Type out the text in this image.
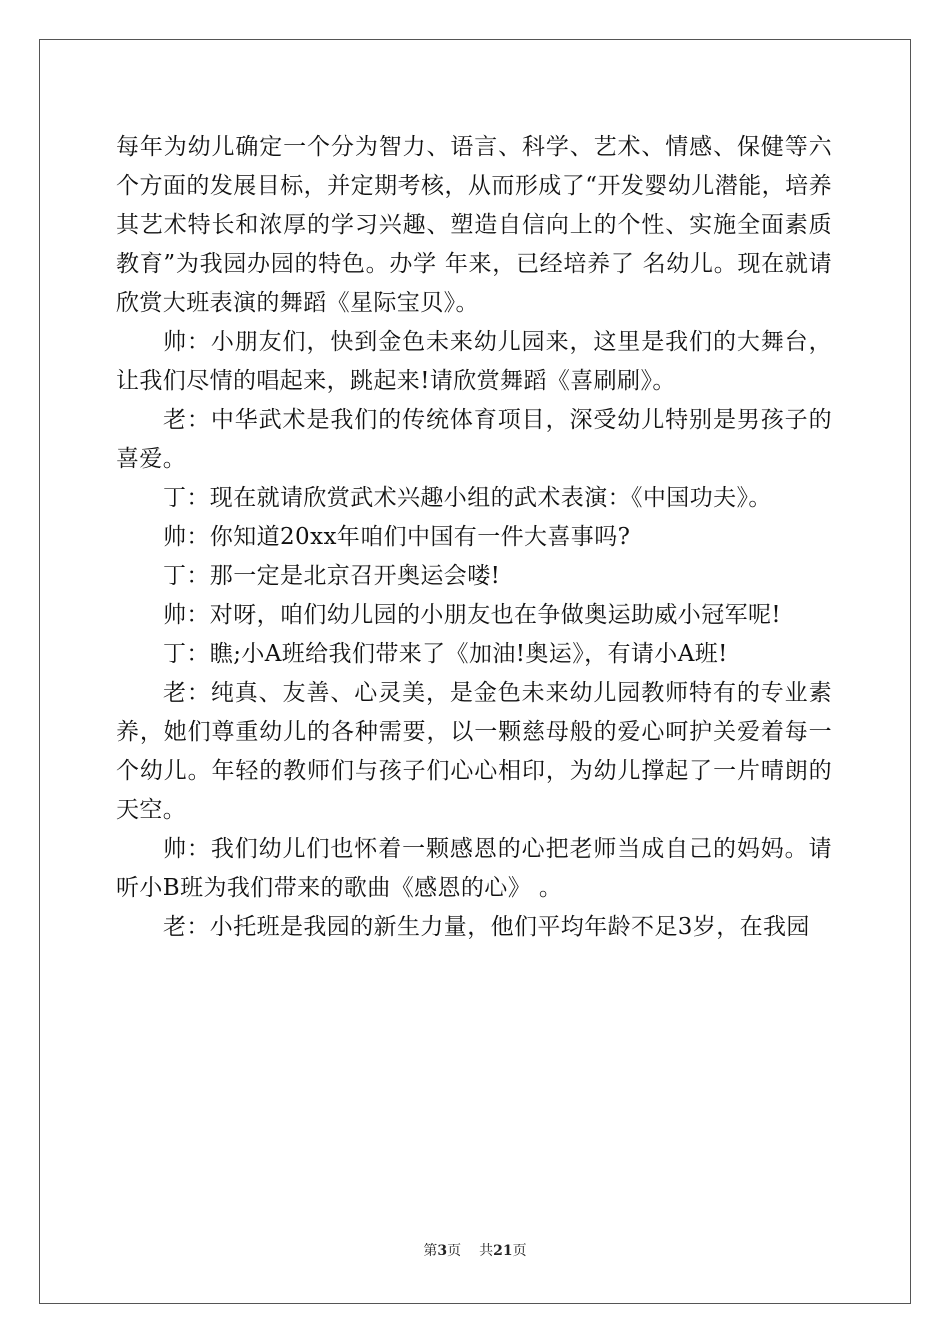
每年为幼儿确定一个分为智力、语言、科学、艺术、情感、保健等六个方面的发展目标，并定期考核，从而形成了“开发婴幼儿潜能，培养其艺术特长和浓厚的学习兴趣、塑造自信向上的个性、实施全面素质教育”为我园办园的特色。办学 年来，已经培养了 名幼儿。现在就请欣赏大班表演的舞蹈《星际宝贝》。

帅：小朋友们，快到金色未来幼儿园来，这里是我们的大舞台，让我们尽情的唱起来，跳起来!请欣赏舞蹈《喜刷刷》。

老：中华武术是我们的传统体育项目，深受幼儿特别是男孩子的喜爱。

丁：现在就请欣赏武术兴趣小组的武术表演：《中国功夫》。

帅：你知道20xx年咱们中国有一件大喜事吗?

丁：那一定是北京召开奥运会喽!

帅：对呀，咱们幼儿园的小朋友也在争做奥运助威小冠军呢!

丁：瞧;小A班给我们带来了《加油!奥运》，有请小A班!

老：纯真、友善、心灵美，是金色未来幼儿园教师特有的专业素养，她们尊重幼儿的各种需要，以一颗慈母般的爱心呵护关爱着每一个幼儿。年轻的教师们与孩子们心心相印，为幼儿撑起了一片晴朗的天空。

帅：我们幼儿们也怀着一颗感恩的心把老师当成自己的妈妈。请听小B班为我们带来的歌曲《感恩的心》 。

老：小托班是我园的新生力量，他们平均年龄不足3岁，在我园

第3页 共21页
